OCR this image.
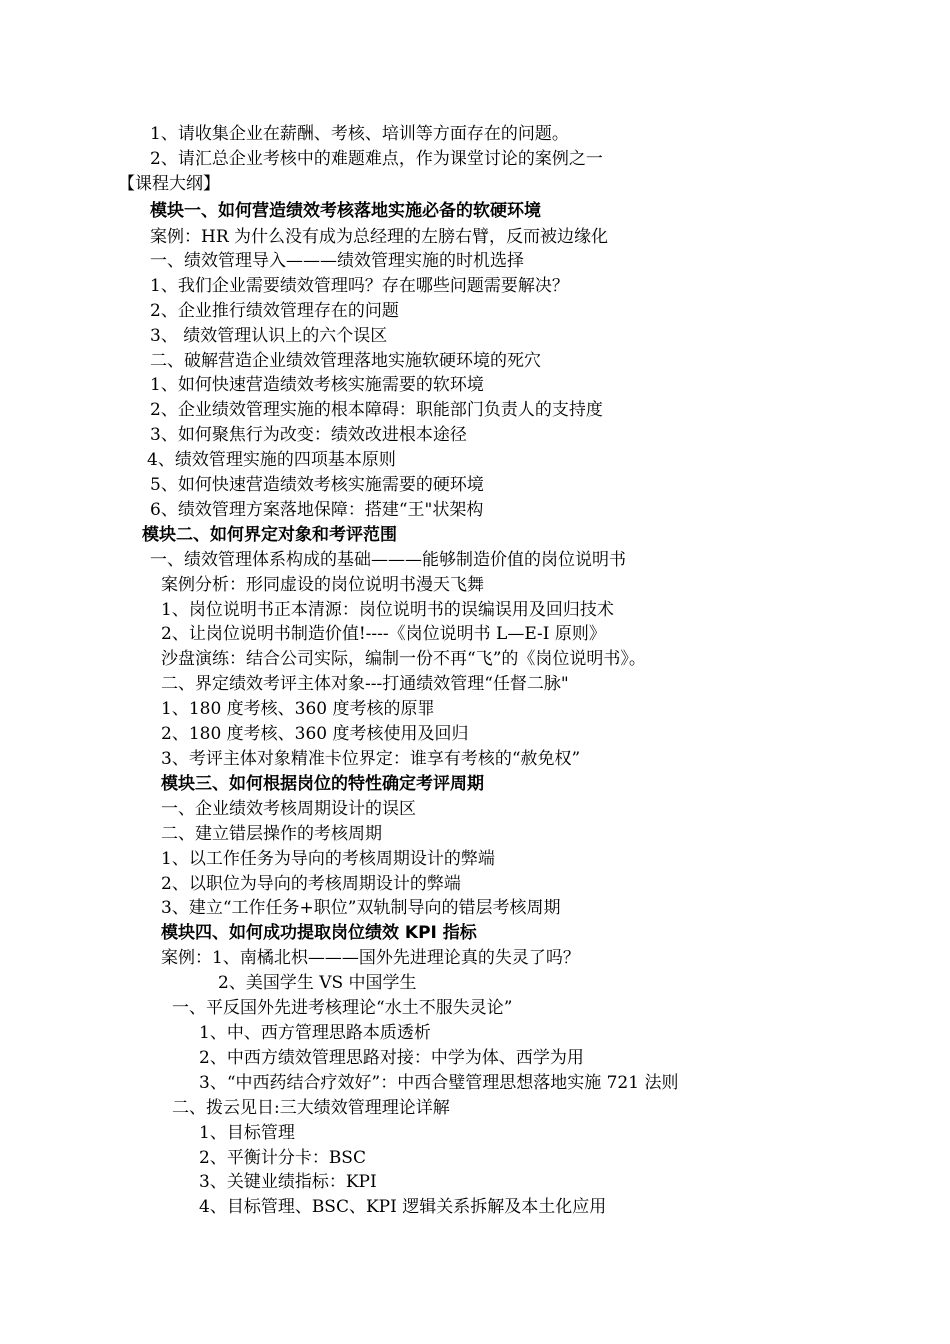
1、请收集企业在薪酬、考核、培训等方面存在的问题。
2、请汇总企业考核中的难题难点，作为课堂讨论的案例之一
【课程大纲】
模块一、如何营造绩效考核落地实施必备的软硬环境
案例：HR 为什么没有成为总经理的左膀右臂，反而被边缘化
一、绩效管理导入———绩效管理实施的时机选择
1、我们企业需要绩效管理吗？存在哪些问题需要解决？
2、企业推行绩效管理存在的问题
3、 绩效管理认识上的六个误区
二、破解营造企业绩效管理落地实施软硬环境的死穴
1、如何快速营造绩效考核实施需要的软环境
2、企业绩效管理实施的根本障碍：职能部门负责人的支持度
3、如何聚焦行为改变：绩效改进根本途径
4、绩效管理实施的四项基本原则
5、如何快速营造绩效考核实施需要的硬环境
6、绩效管理方案落地保障：搭建“王"状架构
模块二、如何界定对象和考评范围
一、绩效管理体系构成的基础———能够制造价值的岗位说明书
案例分析：形同虚设的岗位说明书漫天飞舞
1、岗位说明书正本清源：岗位说明书的误编误用及回归技术
2、让岗位说明书制造价值!----《岗位说明书 L—E-I 原则》
沙盘演练：结合公司实际，编制一份不再“飞”的《岗位说明书》。
二、界定绩效考评主体对象---打通绩效管理“任督二脉"
1、180 度考核、360 度考核的原罪
2、180 度考核、360 度考核使用及回归
3、考评主体对象精准卡位界定：谁享有考核的“赦免权”
模块三、如何根据岗位的特性确定考评周期
一、企业绩效考核周期设计的误区
二、建立错层操作的考核周期
1、以工作任务为导向的考核周期设计的弊端
2、以职位为导向的考核周期设计的弊端
3、建立“工作任务+职位”双轨制导向的错层考核周期
模块四、如何成功提取岗位绩效 KPI 指标
案例：1、南橘北枳———国外先进理论真的失灵了吗？
2、美国学生 VS 中国学生
一、平反国外先进考核理论“水土不服失灵论”
1、中、西方管理思路本质透析
2、中西方绩效管理思路对接：中学为体、西学为用
3、“中西药结合疗效好”：中西合璧管理思想落地实施 721 法则
二、拨云见日:三大绩效管理理论详解
1、目标管理
2、平衡计分卡：BSC
3、关键业绩指标：KPI
4、目标管理、BSC、KPI 逻辑关系拆解及本土化应用
